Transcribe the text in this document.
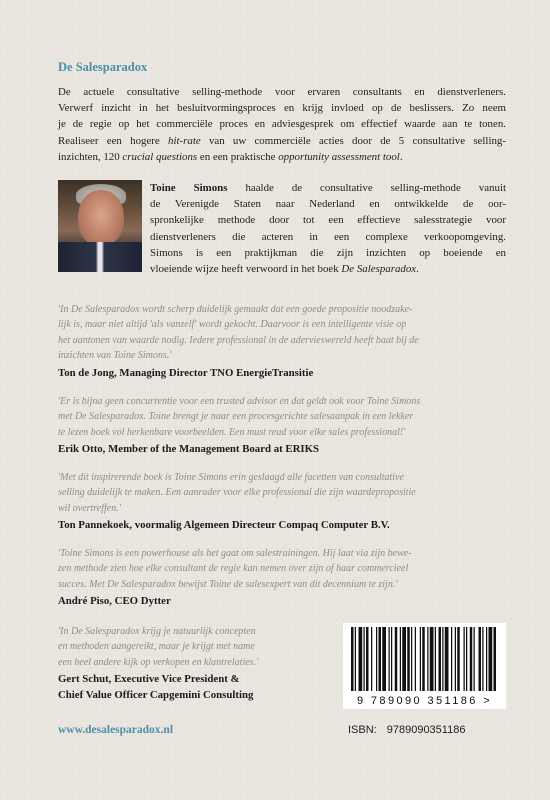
De Salesparadox
De actuele consultative selling-methode voor ervaren consultants en dienstverleners.
Verwerf inzicht in het besluitvormingsproces en krijg invloed op de beslissers. Zo neem
je de regie op het commerciële proces en adviesgesprek om effectief waarde aan te tonen.
Realiseer een hogere hit-rate van uw commerciële acties door de 5 consultative selling-
inzichten, 120 crucial questions en een praktische opportunity assessment tool.
Toine Simons haalde de consultative selling-methode vanuit
de Verenigde Staten naar Nederland en ontwikkelde de oor-
spronkelijke methode door tot een effectieve salesstrategie voor
dienstverleners die acteren in een complexe verkoopomgeving.
Simons is een praktijkman die zijn inzichten op boeiende en
vloeiende wijze heeft verwoord in het boek De Salesparadox.
'In De Salesparadox wordt scherp duidelijk gemaakt dat een goede propositie noodzake-
lijk is, maar niet altijd 'als vanzelf' wordt gekocht. Daarvoor is een intelligente visie op
het aantonen van waarde nodig. Iedere professional in de adervieswereld heeft baat bij de
inzichten van Toine Simons.'
Ton de Jong, Managing Director TNO EnergieTransitie
'Er is bijna geen concurrentie voor een trusted advisor en dat geldt ook voor Toine Simons
met De Salesparadox. Toine brengt je naar een procesgerichte salesaanpak in een lekker
te lezen boek vol herkenbare voorbeelden. Een must read voor elke sales professional!'
Erik Otto, Member of the Management Board at ERIKS
'Met dit inspirerende boek is Toine Simons erin geslaagd alle facetten van consultative
selling duidelijk te maken. Een aanrader voor elke professional die zijn waardepropositie
wil overtreffen.'
Ton Pannekoek, voormalig Algemeen Directeur Compaq Computer B.V.
'Toine Simons is een powerhouse als het gaat om salestrainingen. Hij laat via zijn bewe-
zen methode zien hoe elke consultant de regie kan nemen over zijn of haar commercieel
succes. Met De Salesparadox bewijst Toine de salesexpert van dit decennium te zijn.'
André Piso, CEO Dytter
'In De Salesparadox krijg je natuurlijk concepten
en methoden aangereikt, maar je krijgt met name
een heel andere kijk op verkopen en klantrelaties.'
Gert Schut, Executive Vice President &
Chief Value Officer Capgemini Consulting
9 789090 351186 >
www.desalesparadox.nl	ISBN: 9789090351186
